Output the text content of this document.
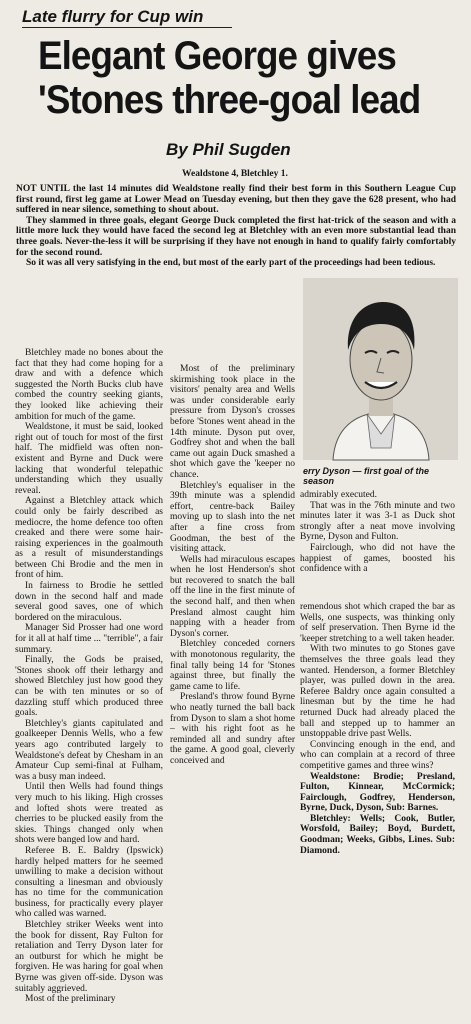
Late flurry for Cup win
Elegant George gives
'Stones three-goal lead
By Phil Sugden
Wealdstone 4, Bletchley 1.

NOT UNTIL the last 14 minutes did Wealdstone really find their best form in this Southern League Cup first round, first leg game at Lower Mead on Tuesday evening, but then they gave the 628 present, who had suffered in near silence, something to shout about.

They slammed in three goals, elegant George Duck completed the first hat-trick of the season and with a little more luck they would have faced the second leg at Bletchley with an even more substantial lead than three goals. Never-the-less it will be surprising if they have not enough in hand to qualify fairly comfortably for the second round.

So it was all very satisfying in the end, but most of the early part of the proceedings had been tedious.

Bletchley made no bones about the fact that they had come hoping for a draw and with a defence which suggested the North Bucks club have combed the country seeking giants, they looked like achieving their ambition for much of the game.

Wealdstone, it must be said, looked right out of touch for most of the first half. The midfield was often non-existent and Byrne and Duck were lacking that wonderful telepathic understanding which they usually reveal.

Against a Bletchley attack which could only be fairly described as mediocre, the home defence too often creaked and there were some hair-raising experiences in the goalmouth as a result of misunderstandings between Chi Brodie and the men in front of him.

In fairness to Brodie he settled down in the second half and made several good saves, one of which bordered on the miraculous.

Manager Sid Prosser had one word for it all at half time ... "terrible", a fair summary.

Finally, the Gods be praised, 'Stones shook off their lethargy and showed Bletchley just how good they can be with ten minutes or so of dazzling stuff which produced three goals.

Bletchley's giants capitulated and goalkeeper Dennis Wells, who a few years ago contributed largely to Wealdstone's defeat by Chesham in an Amateur Cup semi-final at Fulham, was a busy man indeed.

Until then Wells had found things very much to his liking. High crosses and lofted shots were treated as cherries to be plucked easily from the skies. Things changed only when shots were banged low and hard.

Referee B. E. Baldry (Ipswick) hardly helped matters for he seemed unwilling to make a decision without consulting a linesman and obviously has no time for the communication business, for practically every player who called was warned.

Bletchley striker Weeks went into the book for dissent, Ray Fulton for retaliation and Terry Dyson later for an outburst for which he might be forgiven. He was haring for goal when Byrne was given off-side. Dyson was suitably aggrieved.

Most of the preliminary

Most of the preliminary skirmishing took place in the visitors' penalty area and Wells was under considerable early pressure from Dyson's crosses before 'Stones went ahead in the 14th minute. Dyson put over, Godfrey shot and when the ball came out again Duck smashed a shot which gave the 'keeper no chance.

Bletchley's equaliser in the 39th minute was a splendid effort, centre-back Bailey moving up to slash into the net after a fine cross from Goodman, the best of the visiting attack.

Wells had miraculous escapes when he lost Henderson's shot but recovered to snatch the ball off the line in the first minute of the second half, and then when Presland almost caught him napping with a header from Dyson's corner.

Bletchley conceded corners with monotonous regularity, the final tally being 14 for 'Stones against three, but finally the game came to life.

Presland's throw found Byrne who neatly turned the ball back from Dyson to slam a shot home – with his right foot as he reminded all and sundry after the game. A good goal, cleverly conceived and

erry Dyson — first goal of the season

admirably executed.

That was in the 76th minute and two minutes later it was 3-1 as Duck shot strongly after a neat move involving Byrne, Dyson and Fulton.

Fairclough, who did not have the happiest of games, boosted his confidence with a

remendous shot which craped the bar as Wells, one suspects, was thinking only of self preservation. Then Byrne id the 'keeper stretching to a well taken header.

With two minutes to go Stones gave themselves the three goals lead they wanted. Henderson, a former Bletchley player, was pulled down in the area. Referee Baldry once again consulted a linesman but by the time he had returned Duck had already placed the ball and stepped up to hammer an unstoppable drive past Wells.

Convincing enough in the end, and who can complain at a record of three competitive games and three wins?

Wealdstone: Brodie; Presland, Fulton, Kinnear, McCormick; Fairclough, Godfrey, Henderson, Byrne, Duck, Dyson, Sub: Barnes.

Bletchley: Wells; Cook, Butler, Worsfold, Bailey; Boyd, Burdett, Goodman; Weeks, Gibbs, Lines. Sub: Diamond.
